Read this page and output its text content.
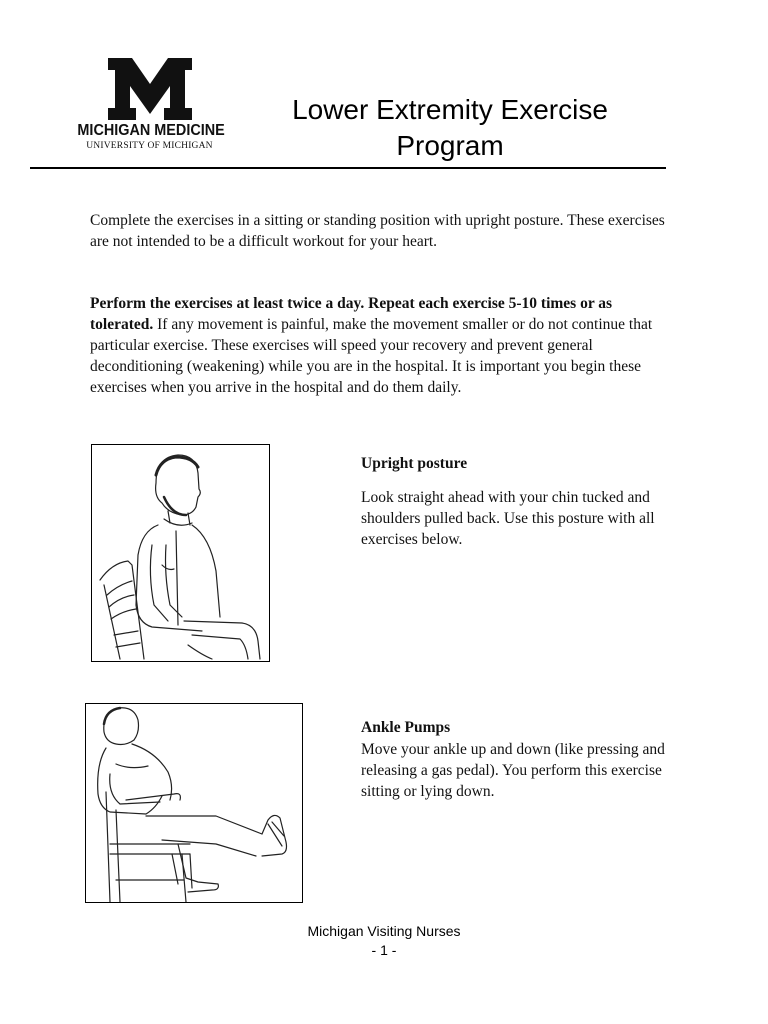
MICHIGAN MEDICINE
UNIVERSITY OF MICHIGAN
Lower Extremity Exercise Program

Complete the exercises in a sitting or standing position with upright posture. These exercises are not intended to be a difficult workout for your heart.

Perform the exercises at least twice a day. Repeat each exercise 5-10 times or as tolerated. If any movement is painful, make the movement smaller or do not continue that particular exercise. These exercises will speed your recovery and prevent general deconditioning (weakening) while you are in the hospital. It is important you begin these exercises when you arrive in the hospital and do them daily.

Upright posture

Look straight ahead with your chin tucked and shoulders pulled back. Use this posture with all exercises below.

Ankle Pumps

Move your ankle up and down (like pressing and releasing a gas pedal). You perform this exercise sitting or lying down.

Michigan Visiting Nurses
- 1 -
